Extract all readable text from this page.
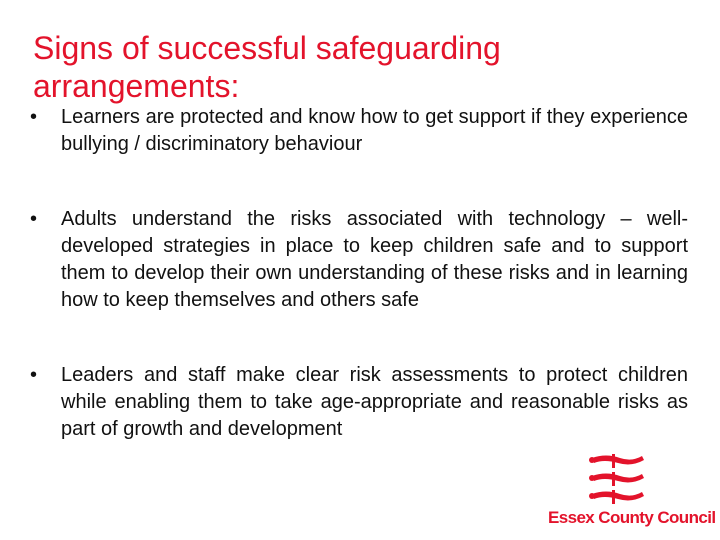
Signs of successful safeguarding arrangements:
•	Learners are protected and know how to get support if they experience bullying / discriminatory behaviour
•	Adults understand the risks associated with technology – well-developed strategies in place to keep children safe and to support them to develop their own understanding of these risks and in learning how to keep themselves and others safe
•	Leaders and staff make clear risk assessments to protect children while enabling them to take age-appropriate and reasonable risks as part of growth and development
Essex County Council
